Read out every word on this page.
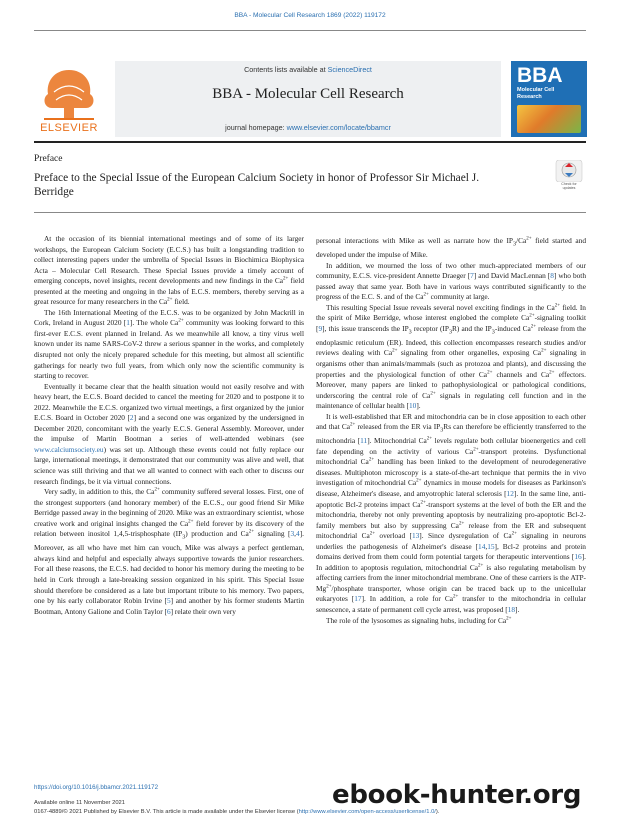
BBA - Molecular Cell Research 1869 (2022) 119172
ELSEVIER
Contents lists available at ScienceDirect
BBA - Molecular Cell Research
journal homepage: www.elsevier.com/locate/bbamcr
BBA
Molecular Cell
Research
Preface
Preface to the Special Issue of the European Calcium Society in honor of Professor Sir Michael J. Berridge
Check for
updates

At the occasion of its biennial international meetings and of some of its larger workshops, the European Calcium Society (E.C.S.) has built a longstanding tradition to collect interesting papers under the umbrella of Special Issues in Biochimica Biophysica Acta – Molecular Cell Research. These Special Issues provide a timely account of emerging concepts, novel insights, recent developments and new findings in the $Ca^{2+}$ field presented at the meeting and ongoing in the labs of E.C.S. members, thereby serving as a great resource for many researchers in the $Ca^{2+}$ field.

The 16th International Meeting of the E.C.S. was to be organized by John Mackrill in Cork, Ireland in August 2020 [1]. The whole $Ca^{2+}$ community was looking forward to this first-ever E.C.S. event planned in Ireland. As we meanwhile all know, a tiny virus well known under its name SARS-CoV-2 threw a serious spanner in the works, and completely disrupted not only the nicely prepared schedule for this meeting, but almost all scientific gatherings for nearly two full years, from which only now the scientific community is starting to recover.

Eventually it became clear that the health situation would not easily resolve and with heavy heart, the E.C.S. Board decided to cancel the meeting for 2020 and to postpone it to 2022. Meanwhile the E.C.S. organized two virtual meetings, a first organized by the junior E.C.S. Board in October 2020 [2] and a second one was organized by the undersigned in December 2020, concomitant with the yearly E.C.S. General Assembly. Moreover, under the impulse of Martin Bootman a series of well-attended webinars (see www.calciumsociety.eu) was set up. Although these events could not fully replace our large, international meetings, it demonstrated that our community was alive and well, that science was still thriving and that we all wanted to connect with each other to discuss our research findings, be it via virtual connections.

Very sadly, in addition to this, the $Ca^{2+}$ community suffered several losses. First, one of the strongest supporters (and honorary member) of the E.C.S., our good friend Sir Mike Berridge passed away in the beginning of 2020. Mike was an extraordinary scientist, whose creative work and original insights changed the $Ca^{2+}$ field forever by its discovery of the relation between inositol 1,4,5-trisphosphate $(IP_3)$ production and $Ca^{2+}$ signaling [3,4]. Moreover, as all who have met him can vouch, Mike was always a perfect gentleman, always kind and helpful and especially always supportive towards the junior researchers. For all these reasons, the E.C.S. had decided to honor his memory during the meeting to be held in Cork through a late-breaking session organized in his spirit. This Special Issue should therefore be considered as a late but important tribute to his memory. Two papers, one by his early collaborator Robin Irvine [5] and another by his former students Martin Bootman, Antony Galione and Colin Taylor [6] relate their own very

personal interactions with Mike as well as narrate how the $IP_3/Ca^{2+}$ field started and developed under the impulse of Mike.

In addition, we mourned the loss of two other much-appreciated members of our community, E.C.S. vice-president Annette Draeger [7] and David MacLennan [8] who both passed away that same year. Both have in various ways contributed significantly to the progress of the E.C. S. and of the $Ca^{2+}$ community at large.

This resulting Special Issue reveals several novel exciting findings in the $Ca^{2+}$ field. In the spirit of Mike Berridge, whose interest englobed the complete $Ca^{2+}$-signaling toolkit [9], this issue transcends the $IP_3$ receptor $(IP_3R)$ and the $IP_3$-induced $Ca^{2+}$ release from the endoplasmic reticulum (ER). Indeed, this collection encompasses research studies and/or reviews dealing with $Ca^{2+}$ signaling from other organelles, exposing $Ca^{2+}$ signaling in organisms other than animals/mammals (such as protozoa and plants), and discussing the properties and the physiological function of other $Ca^{2+}$ channels and $Ca^{2+}$ effectors. Moreover, many papers are linked to pathophysiological or pathological conditions, underscoring the central role of $Ca^{2+}$ signals in regulating cell function and in the maintenance of cellular health [10].

It is well-established that ER and mitochondria can be in close apposition to each other and that $Ca^{2+}$ released from the ER via $IP_3Rs$ can therefore be efficiently transferred to the mitochondria [11]. Mitochondrial $Ca^{2+}$ levels regulate both cellular bioenergetics and cell fate depending on the activity of various $Ca^{2+}$-transport proteins. Dysfunctional mitochondrial $Ca^{2+}$ handling has been linked to the development of neurodegenerative diseases. Multiphoton microscopy is a state-of-the-art technique that permits the in vivo investigation of mitochondrial $Ca^{2+}$ dynamics in mouse models for diseases as Parkinson's disease, Alzheimer's disease, and amyotrophic lateral sclerosis [12]. In the same line, anti-apoptotic Bcl-2 proteins impact $Ca^{2+}$-transport systems at the level of both the ER and the mitochondria, thereby not only preventing apoptosis by neutralizing pro-apoptotic Bcl-2-family members but also by suppressing $Ca^{2+}$ release from the ER and subsequent mitochondrial $Ca^{2+}$ overload [13]. Since dysregulation of $Ca^{2+}$ signaling in neurons underlies the pathogenesis of Alzheimer's disease [14,15], Bcl-2 proteins and protein domains derived from them could form potential targets for therapeutic interventions [16]. In addition to apoptosis regulation, mitochondrial $Ca^{2+}$ is also regulating metabolism by affecting carriers from the inner mitochondrial membrane. One of these carriers is the ATP-$Mg^{2+}$/phosphate transporter, whose origin can be traced back up to the unicellular eukaryotes [17]. In addition, a role for $Ca^{2+}$ transfer to the mitochondria in cellular senescence, a state of permanent cell cycle arrest, was proposed [18].

The role of the lysosomes as signaling hubs, including for $Ca^{2+}$

https://doi.org/10.1016/j.bbamcr.2021.119172
Available online 11 November 2021
0167-4889/© 2021 Published by Elsevier B.V. This article is made available under the Elsevier license (http://www.elsevier.com/open-access/userlicense/1.0/).
ebook-hunter.org
